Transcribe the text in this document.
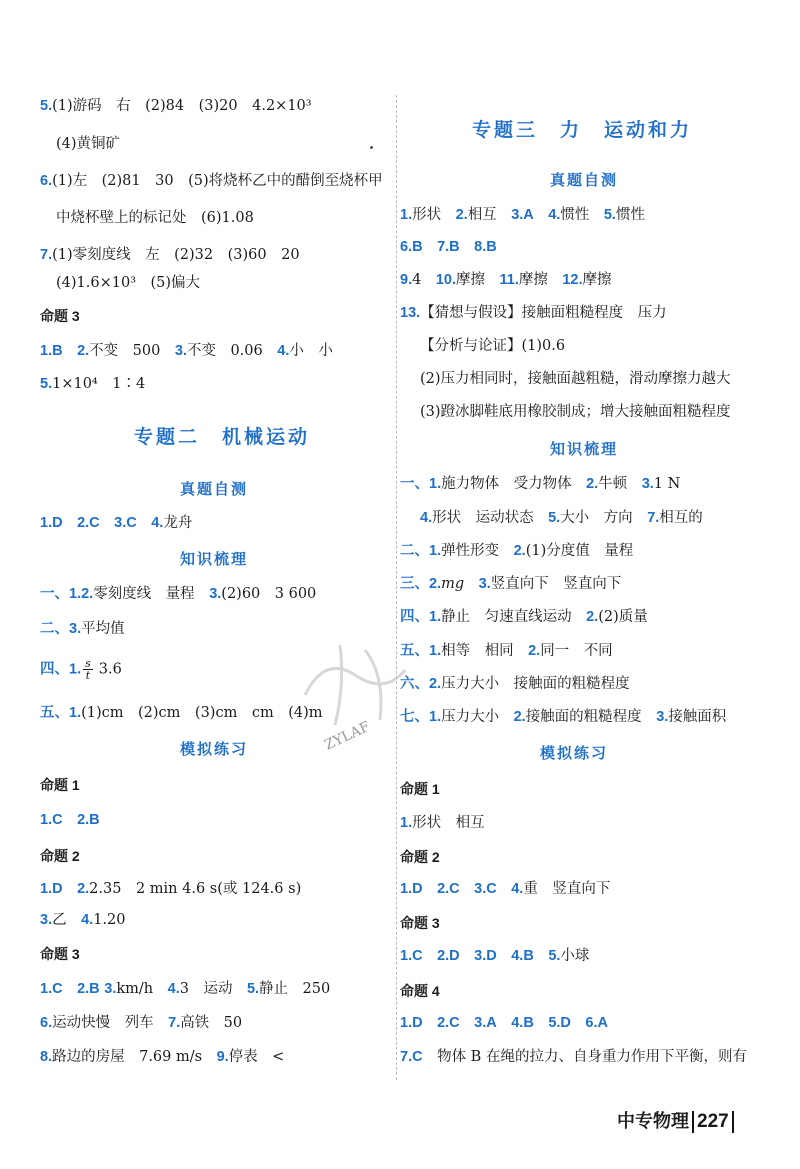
5.(1)游码　右　(2)84　(3)20　4.2×10³
(4)黄铜矿
6.(1)左　(2)81　30　(5)将烧杯乙中的醋倒至烧杯甲
中烧杯壁上的标记处　(6)1.08
7.(1)零刻度线　左　(2)32　(3)60　20
(4)1.6×10³　(5)偏大
命题 3
1.B　 2.不变　500　 3.不变　0.06　 4.小　小
5.1×10⁴　1∶4
专题二　机械运动
真题自测
1.D　 2.C　 3.C　 4.龙舟
知识梳理
一、1.2.零刻度线　量程　 3.(2)60　3 600
二、3.平均值
四、1. $\frac{s}{t} 3.6$
五、1.(1)cm　(2)cm　(3)cm　cm　(4)m
模拟练习
命题 1
1.C　 2.B
命题 2
1.D　 2.2.35　2 min 4.6 s(或 124.6 s)
3.乙　 4.1.20
命题 3
1.C　 2.B 3.km/h　 4.3　运动　 5.静止　250
6.运动快慢　列车　 7.高铁　50
8.路边的房屋　7.69 m/s　 9.停表　<
专题三　力　运动和力
真题自测
1.形状　 2.相互　 3.A　 4.惯性　 5.惯性
6.B　 7.B　 8.B
9.4　 10.摩擦　 11.摩擦　 12.摩擦
13.【猜想与假设】接触面粗糙程度　压力
【分析与论证】(1)0.6
(2)压力相同时，接触面越粗糙，滑动摩擦力越大
(3)蹬冰脚鞋底用橡胶制成；增大接触面粗糙程度
知识梳理
一、1.施力物体　受力物体　 2.牛顿　 3.1 N
4.形状　运动状态　 5.大小　方向　 7.相互的
二、1.弹性形变　 2.(1)分度值　量程
三、2.mg　 3.竖直向下　竖直向下
四、1.静止　匀速直线运动　 2.(2)质量
五、1.相等　相同　 2.同一　不同
六、2.压力大小　接触面的粗糙程度
七、1.压力大小　 2.接触面的粗糙程度　 3.接触面积
模拟练习
命题 1
1.形状　相互
命题 2
1.D　 2.C　 3.C　 4.重　竖直向下
命题 3
1.C　 2.D　 3.D　 4.B　 5.小球
命题 4
1.D　 2.C　 3.A　 4.B　 5.D　 6.A
7.C　 物体 B 在绳的拉力、自身重力作用下平衡，则有
ZYLAF
中专物理 227
